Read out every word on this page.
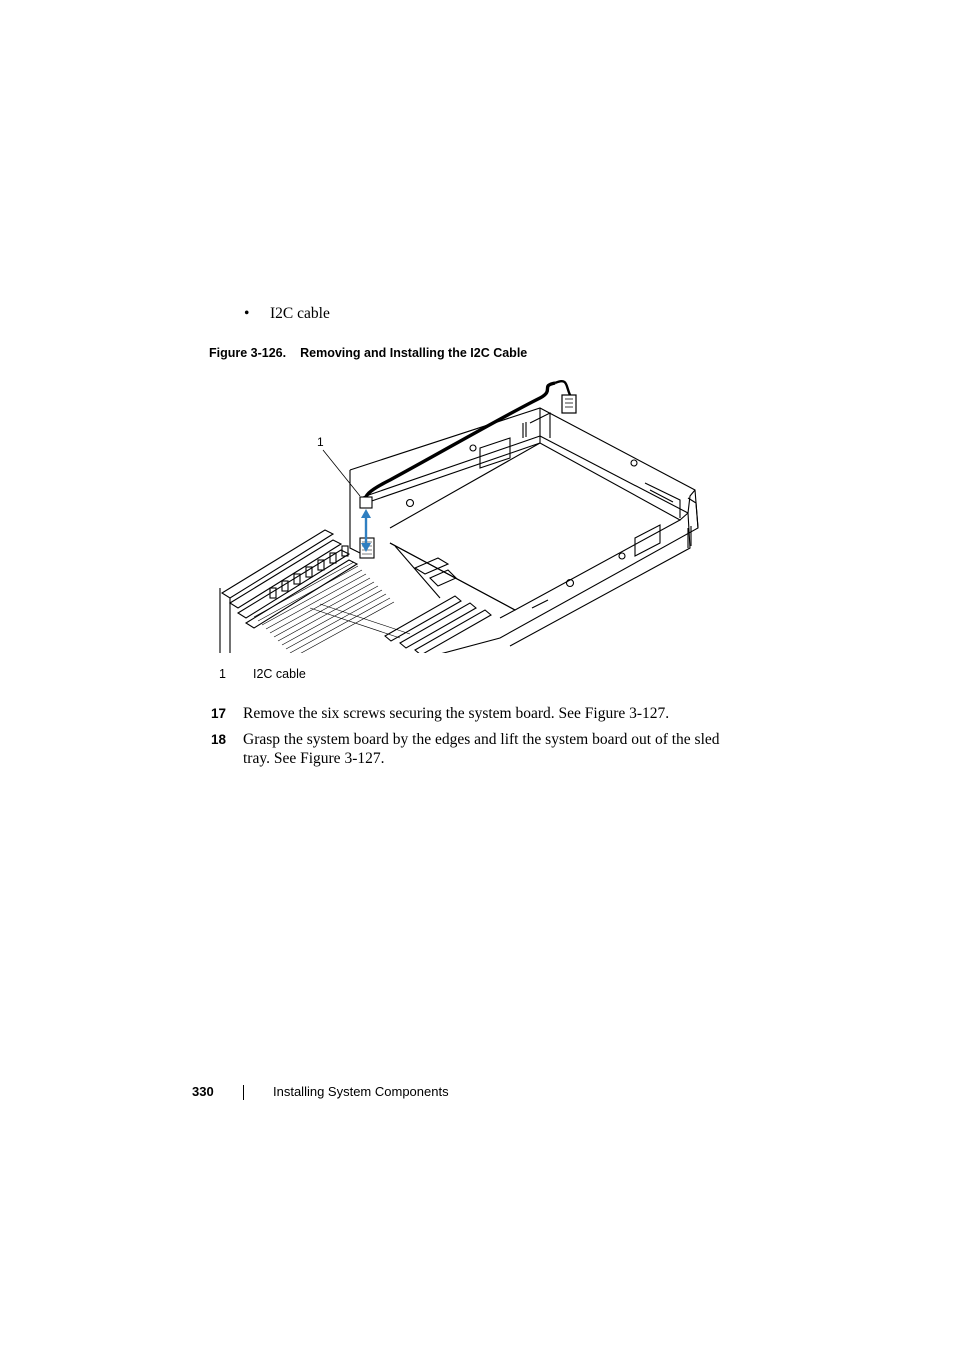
• I2C cable
Figure 3-126. Removing and Installing the I2C Cable
1
1 I2C cable
17 Remove the six screws securing the system board. See Figure 3-127.
18 Grasp the system board by the edges and lift the system board out of the sled tray. See Figure 3-127.
330	Installing System Components
